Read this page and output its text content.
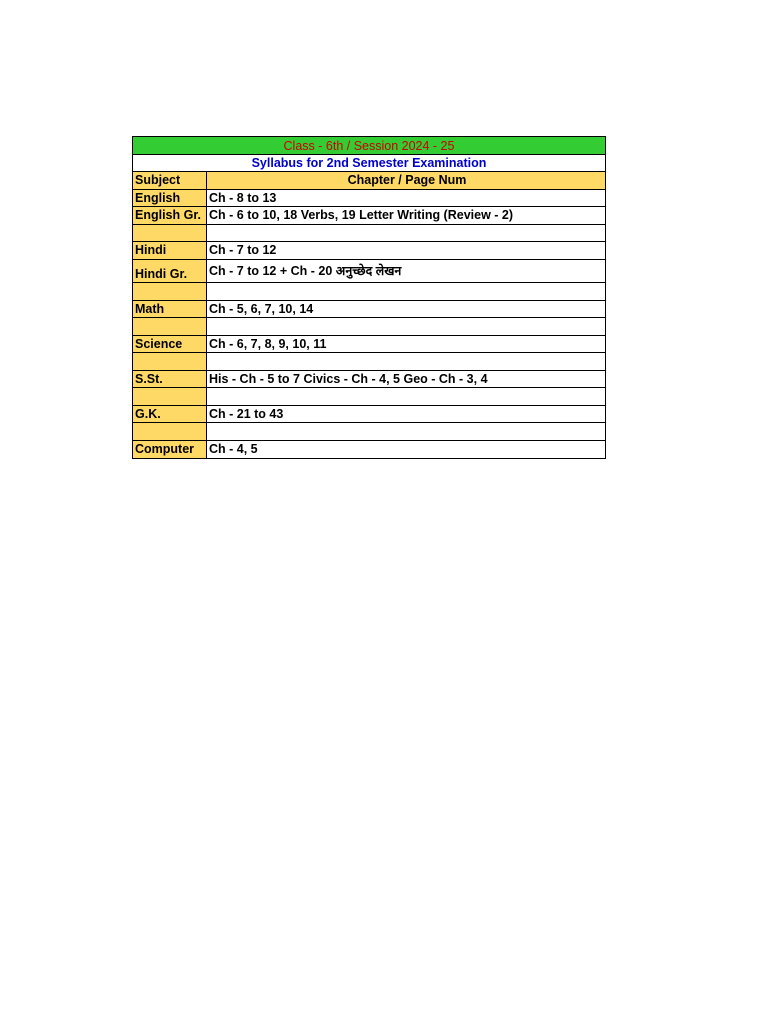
Class - 6th / Session 2024 - 25
Syllabus for 2nd Semester Examination
Subject	Chapter / Page Num
English	Ch - 8 to 13
English Gr. Ch - 6 to 10, 18 Verbs, 19 Letter Writing (Review - 2)
Hindi	Ch - 7 to 12
Hindi Gr.	Ch - 7 to 12 + Ch - 20 अनुच्छेद लेखन
Math	Ch - 5, 6, 7, 10, 14
Science	Ch - 6, 7, 8, 9, 10, 11
S.St.	His - Ch - 5 to 7 Civics - Ch - 4, 5 Geo - Ch - 3, 4
G.K.	Ch - 21 to 43
Computer	Ch - 4, 5
